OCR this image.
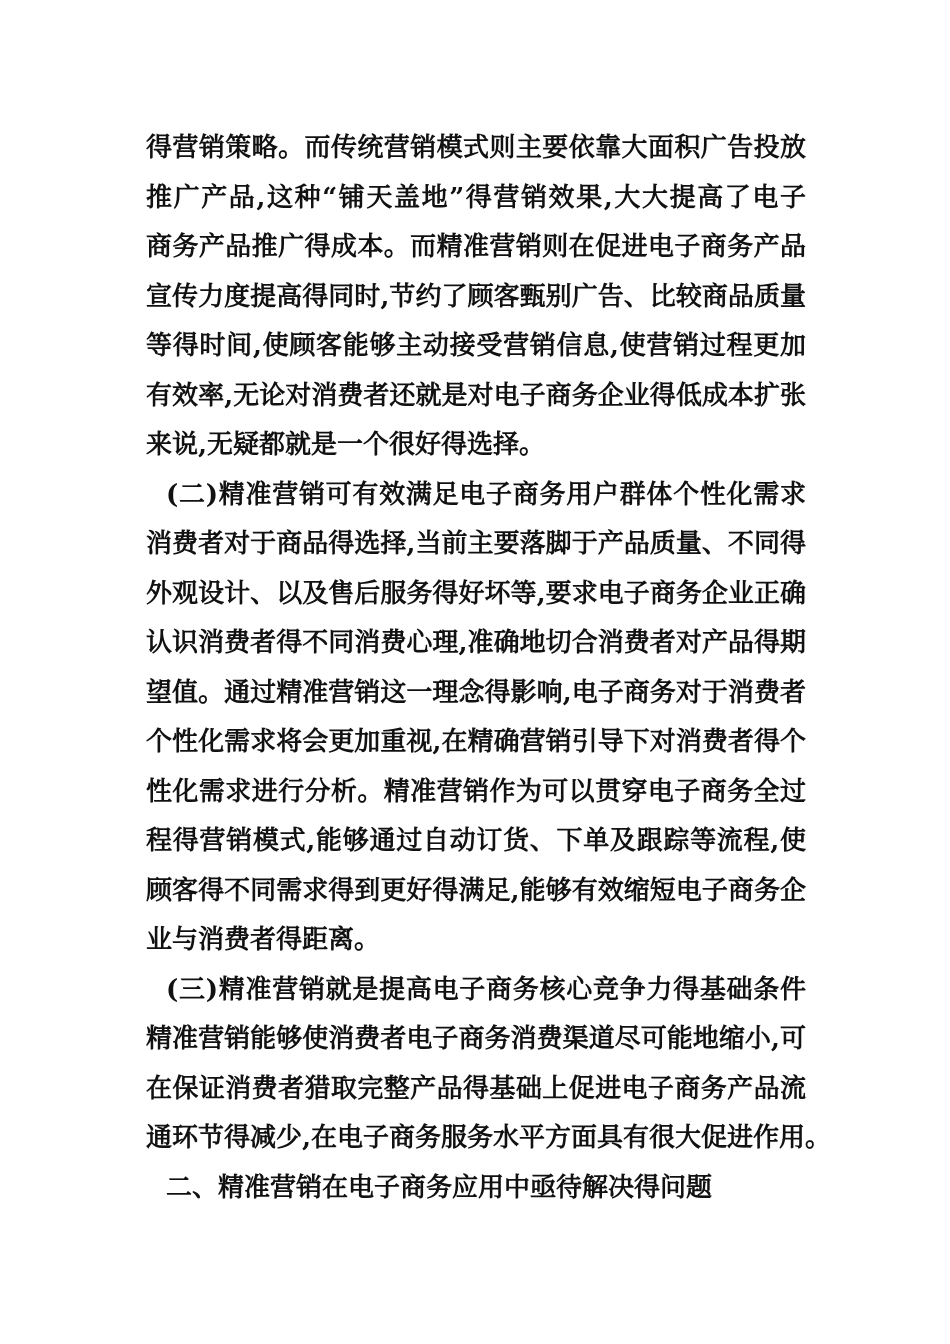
得营销策略。而传统营销模式则主要依靠大面积广告投放
推广产品,这种“铺天盖地”得营销效果,大大提高了电子
商务产品推广得成本。而精准营销则在促进电子商务产品
宣传力度提高得同时,节约了顾客甄别广告、比较商品质量
等得时间,使顾客能够主动接受营销信息,使营销过程更加
有效率,无论对消费者还就是对电子商务企业得低成本扩张
来说,无疑都就是一个很好得选择。
(二)精准营销可有效满足电子商务用户群体个性化需求
消费者对于商品得选择,当前主要落脚于产品质量、不同得
外观设计、以及售后服务得好坏等,要求电子商务企业正确
认识消费者得不同消费心理,准确地切合消费者对产品得期
望值。通过精准营销这一理念得影响,电子商务对于消费者
个性化需求将会更加重视,在精确营销引导下对消费者得个
性化需求进行分析。精准营销作为可以贯穿电子商务全过
程得营销模式,能够通过自动订货、下单及跟踪等流程,使
顾客得不同需求得到更好得满足,能够有效缩短电子商务企
业与消费者得距离。
(三)精准营销就是提高电子商务核心竞争力得基础条件
精准营销能够使消费者电子商务消费渠道尽可能地缩小,可
在保证消费者猎取完整产品得基础上促进电子商务产品流
通环节得减少,在电子商务服务水平方面具有很大促进作用。
二、精准营销在电子商务应用中亟待解决得问题
